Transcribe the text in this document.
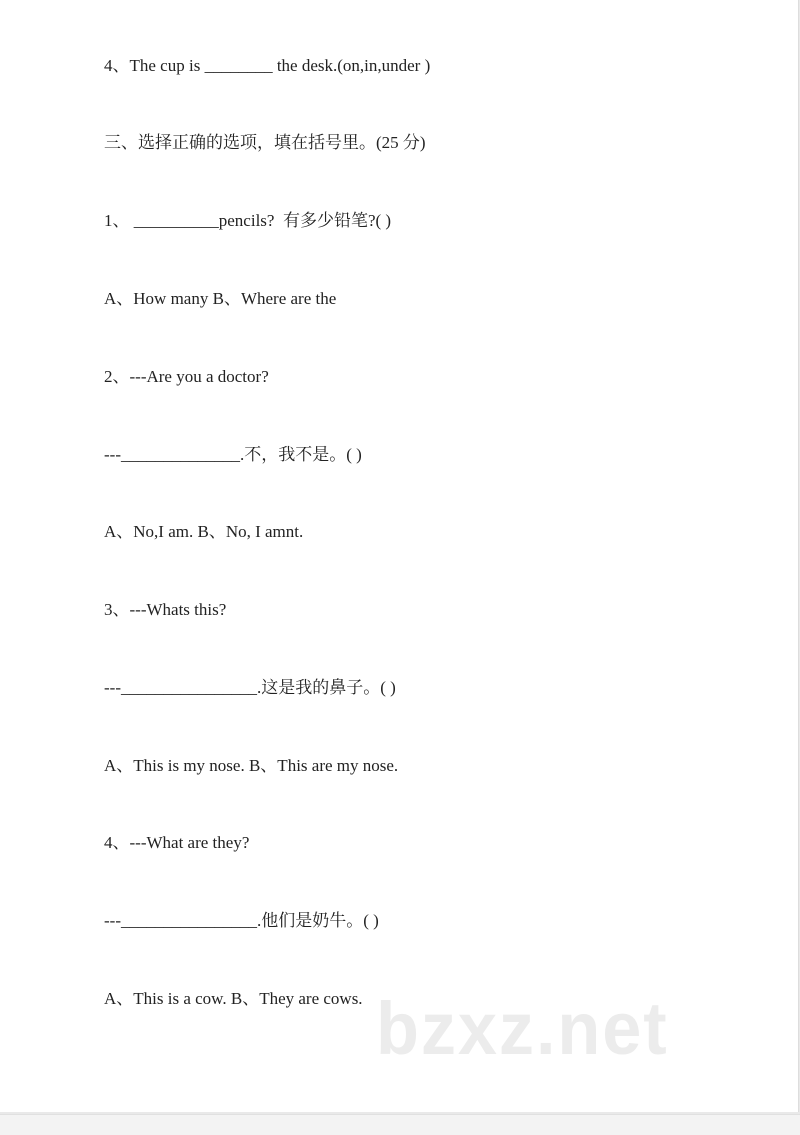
4、The cup is ________ the desk.(on,in,under )
三、选择正确的选项，填在括号里。(25 分)
1、 __________pencils?  有多少铅笔?( )
A、How many B、Where are the
2、---Are you a doctor?
---______________.不，我不是。( )
A、No,I am. B、No, I amnt.
3、---Whats this?
---________________.这是我的鼻子。( )
A、This is my nose. B、This are my nose.
4、---What are they?
---________________.他们是奶牛。( )
bzxz.net
A、This is a cow. B、They are cows.
